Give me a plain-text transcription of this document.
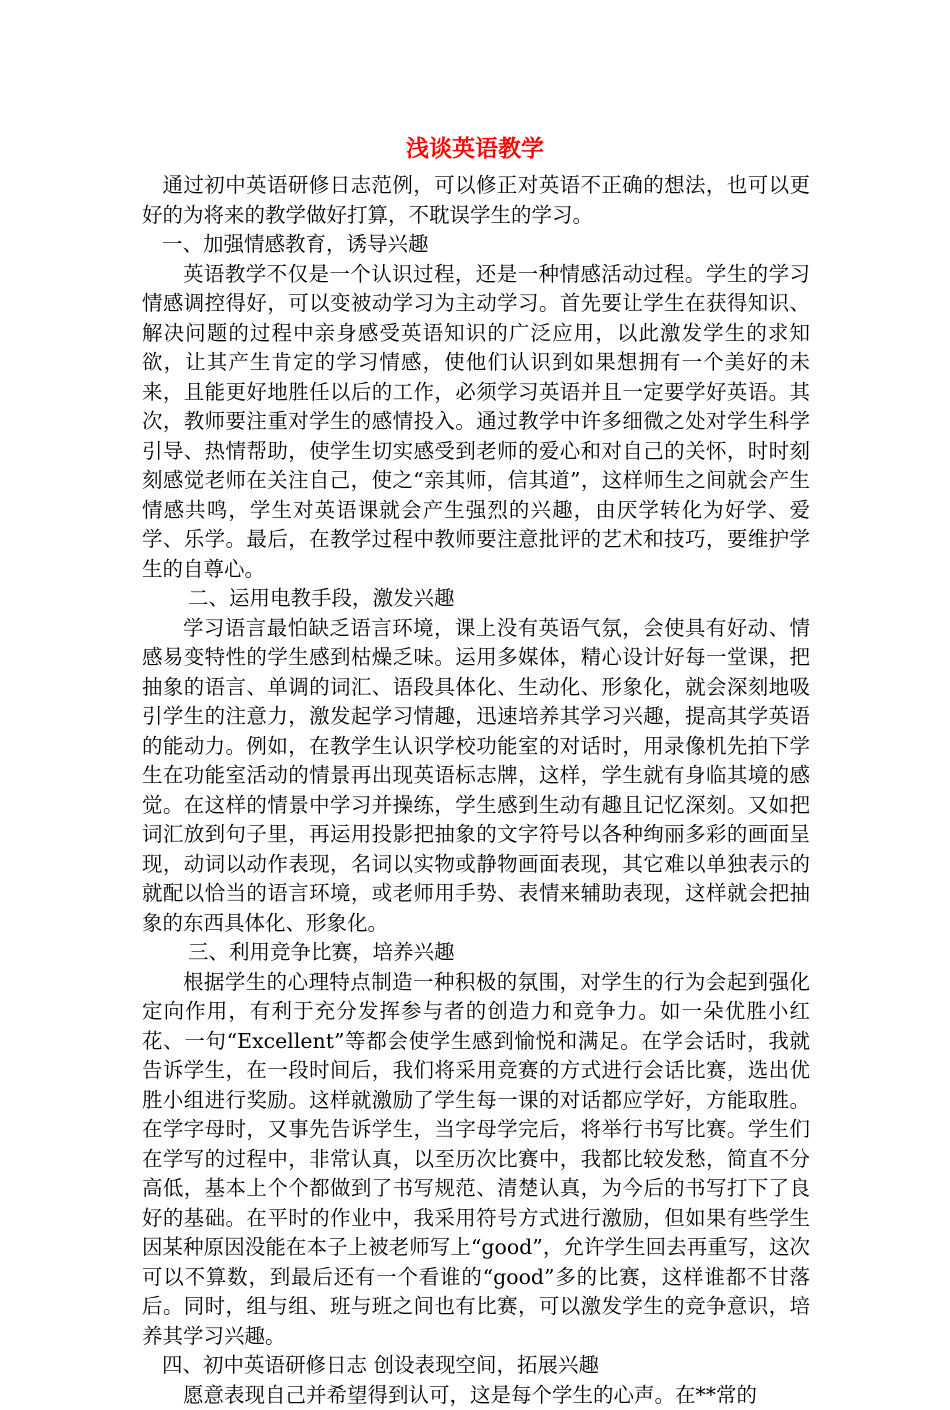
浅谈英语教学

通过初中英语研修日志范例，可以修正对英语不正确的想法，也可以更好的为将来的教学做好打算，不耽误学生的学习。

一、加强情感教育，诱导兴趣

英语教学不仅是一个认识过程，还是一种情感活动过程。学生的学习情感调控得好，可以变被动学习为主动学习。首先要让学生在获得知识、解决问题的过程中亲身感受英语知识的广泛应用，以此激发学生的求知欲，让其产生肯定的学习情感，使他们认识到如果想拥有一个美好的未来，且能更好地胜任以后的工作，必须学习英语并且一定要学好英语。其次，教师要注重对学生的感情投入。通过教学中许多细微之处对学生科学引导、热情帮助，使学生切实感受到老师的爱心和对自己的关怀，时时刻刻感觉老师在关注自己，使之“亲其师，信其道”，这样师生之间就会产生情感共鸣，学生对英语课就会产生强烈的兴趣，由厌学转化为好学、爱学、乐学。最后，在教学过程中教师要注意批评的艺术和技巧，要维护学生的自尊心。

二、运用电教手段，激发兴趣

学习语言最怕缺乏语言环境，课上没有英语气氛，会使具有好动、情感易变特性的学生感到枯燥乏味。运用多媒体，精心设计好每一堂课，把抽象的语言、单调的词汇、语段具体化、生动化、形象化，就会深刻地吸引学生的注意力，激发起学习情趣，迅速培养其学习兴趣，提高其学英语的能动力。例如，在教学生认识学校功能室的对话时，用录像机先拍下学生在功能室活动的情景再出现英语标志牌，这样，学生就有身临其境的感觉。在这样的情景中学习并操练，学生感到生动有趣且记忆深刻。又如把词汇放到句子里，再运用投影把抽象的文字符号以各种绚丽多彩的画面呈现，动词以动作表现，名词以实物或静物画面表现，其它难以单独表示的就配以恰当的语言环境，或老师用手势、表情来辅助表现，这样就会把抽象的东西具体化、形象化。

三、利用竞争比赛，培养兴趣

根据学生的心理特点制造一种积极的氛围，对学生的行为会起到强化定向作用，有利于充分发挥参与者的创造力和竞争力。如一朵优胜小红花、一句“Excellent”等都会使学生感到愉悦和满足。在学会话时，我就告诉学生，在一段时间后，我们将采用竞赛的方式进行会话比赛，选出优胜小组进行奖励。这样就激励了学生每一课的对话都应学好，方能取胜。在学字母时，又事先告诉学生，当字母学完后，将举行书写比赛。学生们在学写的过程中，非常认真，以至历次比赛中，我都比较发愁，简直不分高低，基本上个个都做到了书写规范、清楚认真，为今后的书写打下了良好的基础。在平时的作业中，我采用符号方式进行激励，但如果有些学生因某种原因没能在本子上被老师写上“good”，允许学生回去再重写，这次可以不算数，到最后还有一个看谁的“good”多的比赛，这样谁都不甘落后。同时，组与组、班与班之间也有比赛，可以激发学生的竞争意识，培养其学习兴趣。

四、初中英语研修日志 创设表现空间，拓展兴趣

愿意表现自己并希望得到认可，这是每个学生的心声。在**常的
